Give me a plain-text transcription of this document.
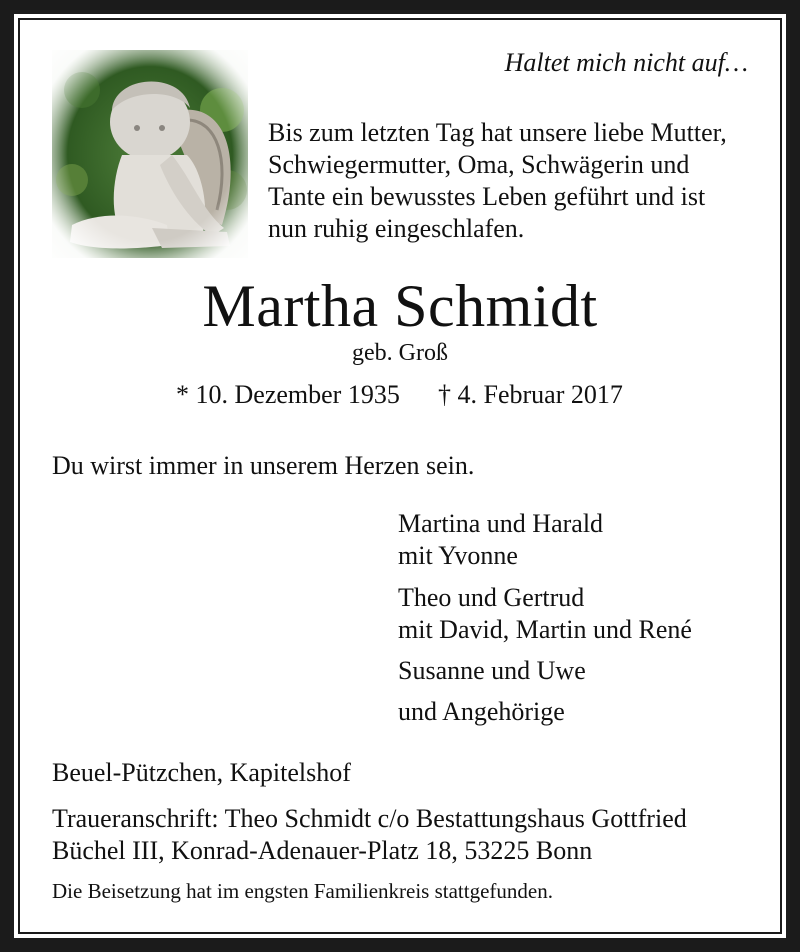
Haltet mich nicht auf…
Bis zum letzten Tag hat unsere liebe Mutter,
Schwiegermutter, Oma, Schwägerin und
Tante ein bewusstes Leben geführt und ist
nun ruhig eingeschlafen.
Martha Schmidt
geb. Groß
* 10. Dezember 1935 † 4. Februar 2017
Du wirst immer in unserem Herzen sein.
Martina und Harald
mit Yvonne
Theo und Gertrud
mit David, Martin und René
Susanne und Uwe
und Angehörige
Beuel-Pützchen, Kapitelshof
Traueranschrift: Theo Schmidt c/o Bestattungshaus Gottfried
Büchel III, Konrad-Adenauer-Platz 18, 53225 Bonn
Die Beisetzung hat im engsten Familienkreis stattgefunden.
